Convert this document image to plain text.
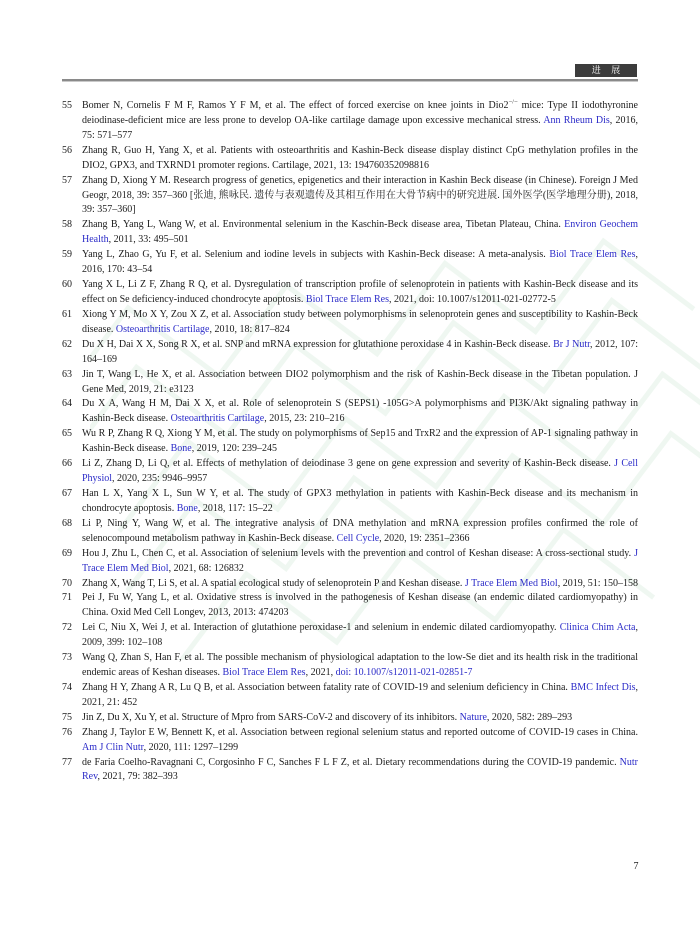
进 展
55	Bomer N, Cornelis F M F, Ramos Y F M, et al. The effect of forced exercise on knee joints in Dio2−/− mice: Type II iodothyronine deiodinase-deficient mice are less prone to develop OA-like cartilage damage upon excessive mechanical stress. Ann Rheum Dis, 2016, 75: 571–577
56	Zhang R, Guo H, Yang X, et al. Patients with osteoarthritis and Kashin-Beck disease display distinct CpG methylation profiles in the DIO2, GPX3, and TXRND1 promoter regions. Cartilage, 2021, 13: 194760352098816
57	Zhang D, Xiong Y M. Research progress of genetics, epigenetics and their interaction in Kashin Beck disease (in Chinese). Foreign J Med Geogr, 2018, 39: 357–360 [张迪, 熊咏民. 遗传与表观遗传及其相互作用在大骨节病中的研究进展. 国外医学(医学地理分册), 2018, 39: 357–360]
58	Zhang B, Yang L, Wang W, et al. Environmental selenium in the Kaschin-Beck disease area, Tibetan Plateau, China. Environ Geochem Health, 2011, 33: 495–501
59	Yang L, Zhao G, Yu F, et al. Selenium and iodine levels in subjects with Kashin-Beck disease: A meta-analysis. Biol Trace Elem Res, 2016, 170: 43–54
60	Yang X L, Li Z F, Zhang R Q, et al. Dysregulation of transcription profile of selenoprotein in patients with Kashin-Beck disease and its effect on Se deficiency-induced chondrocyte apoptosis. Biol Trace Elem Res, 2021, doi: 10.1007/s12011-021-02772-5
61	Xiong Y M, Mo X Y, Zou X Z, et al. Association study between polymorphisms in selenoprotein genes and susceptibility to Kashin-Beck disease. Osteoarthritis Cartilage, 2010, 18: 817–824
62	Du X H, Dai X X, Song R X, et al. SNP and mRNA expression for glutathione peroxidase 4 in Kashin-Beck disease. Br J Nutr, 2012, 107: 164–169
63	Jin T, Wang L, He X, et al. Association between DIO2 polymorphism and the risk of Kashin-Beck disease in the Tibetan population. J Gene Med, 2019, 21: e3123
64	Du X A, Wang H M, Dai X X, et al. Role of selenoprotein S (SEPS1) -105G>A polymorphisms and PI3K/Akt signaling pathway in Kashin-Beck disease. Osteoarthritis Cartilage, 2015, 23: 210–216
65	Wu R P, Zhang R Q, Xiong Y M, et al. The study on polymorphisms of Sep15 and TrxR2 and the expression of AP-1 signaling pathway in Kashin-Beck disease. Bone, 2019, 120: 239–245
66	Li Z, Zhang D, Li Q, et al. Effects of methylation of deiodinase 3 gene on gene expression and severity of Kashin-Beck disease. J Cell Physiol, 2020, 235: 9946–9957
67	Han L X, Yang X L, Sun W Y, et al. The study of GPX3 methylation in patients with Kashin-Beck disease and its mechanism in chondrocyte apoptosis. Bone, 2018, 117: 15–22
68	Li P, Ning Y, Wang W, et al. The integrative analysis of DNA methylation and mRNA expression profiles confirmed the role of selenocompound metabolism pathway in Kashin-Beck disease. Cell Cycle, 2020, 19: 2351–2366
69	Hou J, Zhu L, Chen C, et al. Association of selenium levels with the prevention and control of Keshan disease: A cross-sectional study. J Trace Elem Med Biol, 2021, 68: 126832
70	Zhang X, Wang T, Li S, et al. A spatial ecological study of selenoprotein P and Keshan disease. J Trace Elem Med Biol, 2019, 51: 150–158
71	Pei J, Fu W, Yang L, et al. Oxidative stress is involved in the pathogenesis of Keshan disease (an endemic dilated cardiomyopathy) in China. Oxid Med Cell Longev, 2013, 2013: 474203
72	Lei C, Niu X, Wei J, et al. Interaction of glutathione peroxidase-1 and selenium in endemic dilated cardiomyopathy. Clinica Chim Acta, 2009, 399: 102–108
73	Wang Q, Zhan S, Han F, et al. The possible mechanism of physiological adaptation to the low-Se diet and its health risk in the traditional endemic areas of Keshan diseases. Biol Trace Elem Res, 2021, doi: 10.1007/s12011-021-02851-7
74	Zhang H Y, Zhang A R, Lu Q B, et al. Association between fatality rate of COVID-19 and selenium deficiency in China. BMC Infect Dis, 2021, 21: 452
75	Jin Z, Du X, Xu Y, et al. Structure of Mpro from SARS-CoV-2 and discovery of its inhibitors. Nature, 2020, 582: 289–293
76	Zhang J, Taylor E W, Bennett K, et al. Association between regional selenium status and reported outcome of COVID-19 cases in China. Am J Clin Nutr, 2020, 111: 1297–1299
77	de Faria Coelho-Ravagnani C, Corgosinho F C, Sanches F L F Z, et al. Dietary recommendations during the COVID-19 pandemic. Nutr Rev, 2021, 79: 382–393
7
